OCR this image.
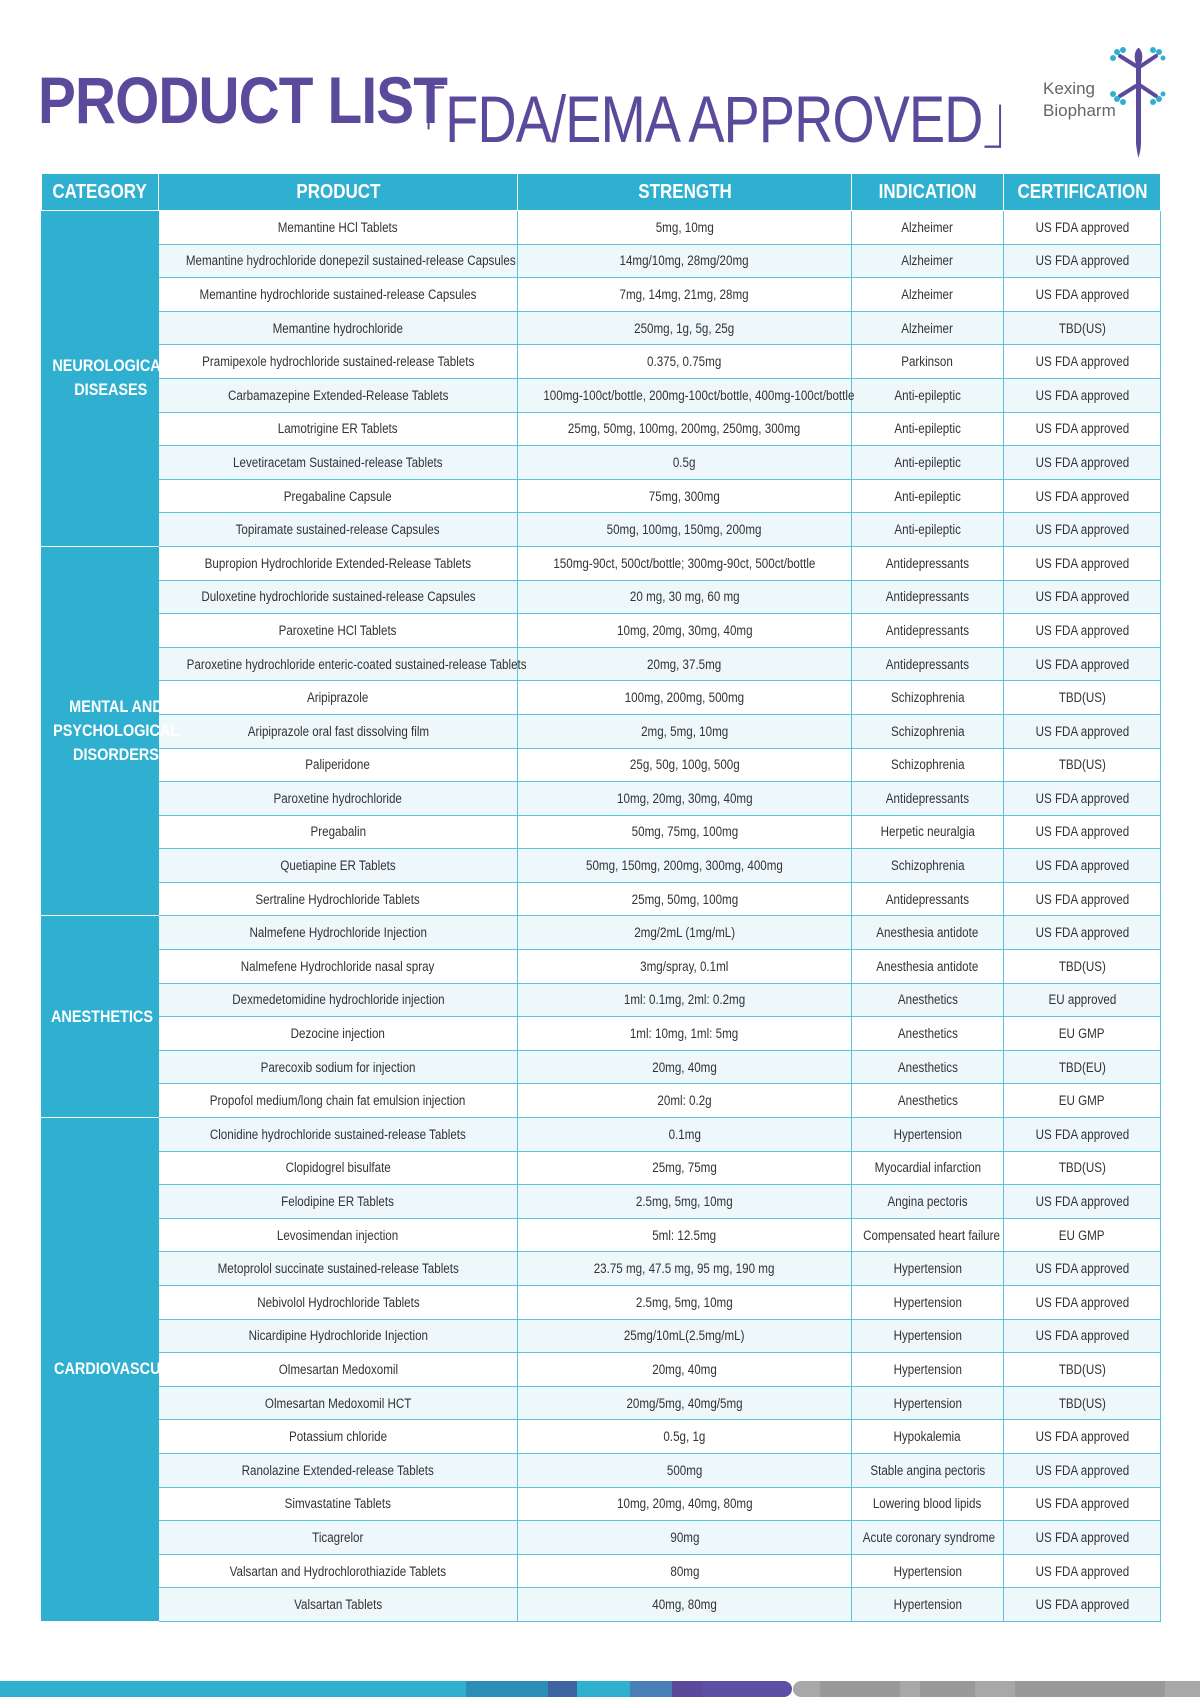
PRODUCT LIST
「FDA/EMA APPROVED」 Kexing
Biopharm
CATEGORY	PRODUCT	STRENGTH	INDICATION	CERTIFICATION
NEUROLOGICAL DISEASES	Memantine HCl Tablets	5mg, 10mg	Alzheimer	US FDA approved
	Memantine hydrochloride donepezil sustained-release Capsules	14mg/10mg, 28mg/20mg	Alzheimer	US FDA approved
	Memantine hydrochloride sustained-release Capsules	7mg, 14mg, 21mg, 28mg	Alzheimer	US FDA approved
	Memantine hydrochloride	250mg, 1g, 5g, 25g	Alzheimer	TBD(US)
	Pramipexole hydrochloride sustained-release Tablets	0.375, 0.75mg	Parkinson	US FDA approved
	Carbamazepine Extended-Release Tablets	100mg-100ct/bottle, 200mg-100ct/bottle, 400mg-100ct/bottle	Anti-epileptic	US FDA approved
	Lamotrigine ER Tablets	25mg, 50mg, 100mg, 200mg, 250mg, 300mg	Anti-epileptic	US FDA approved
	Levetiracetam Sustained-release Tablets	0.5g	Anti-epileptic	US FDA approved
	Pregabaline Capsule	75mg, 300mg	Anti-epileptic	US FDA approved
	Topiramate sustained-release Capsules	50mg, 100mg, 150mg, 200mg	Anti-epileptic	US FDA approved
MENTAL AND PSYCHOLOGICAL DISORDERS	Bupropion Hydrochloride Extended-Release Tablets	150mg-90ct, 500ct/bottle; 300mg-90ct, 500ct/bottle	Antidepressants	US FDA approved
	Duloxetine hydrochloride sustained-release Capsules	20 mg, 30 mg, 60 mg	Antidepressants	US FDA approved
	Paroxetine HCl Tablets	10mg, 20mg, 30mg, 40mg	Antidepressants	US FDA approved
	Paroxetine hydrochloride enteric-coated sustained-release Tablets	20mg, 37.5mg	Antidepressants	US FDA approved
	Aripiprazole	100mg, 200mg, 500mg	Schizophrenia	TBD(US)
	Aripiprazole oral fast dissolving film	2mg, 5mg, 10mg	Schizophrenia	US FDA approved
	Paliperidone	25g, 50g, 100g, 500g	Schizophrenia	TBD(US)
	Paroxetine hydrochloride	10mg, 20mg, 30mg, 40mg	Antidepressants	US FDA approved
	Pregabalin	50mg, 75mg, 100mg	Herpetic neuralgia	US FDA approved
	Quetiapine ER Tablets	50mg, 150mg, 200mg, 300mg, 400mg	Schizophrenia	US FDA approved
	Sertraline Hydrochloride Tablets	25mg, 50mg, 100mg	Antidepressants	US FDA approved
ANESTHETICS	Nalmefene Hydrochloride Injection	2mg/2mL (1mg/mL)	Anesthesia antidote	US FDA approved
	Nalmefene Hydrochloride nasal spray	3mg/spray, 0.1ml	Anesthesia antidote	TBD(US)
	Dexmedetomidine hydrochloride injection	1ml: 0.1mg, 2ml: 0.2mg	Anesthetics	EU approved
	Dezocine injection	1ml: 10mg, 1ml: 5mg	Anesthetics	EU GMP
	Parecoxib sodium for injection	20mg, 40mg	Anesthetics	TBD(EU)
	Propofol medium/long chain fat emulsion injection	20ml: 0.2g	Anesthetics	EU GMP
CARDIOVASCULAR	Clonidine hydrochloride sustained-release Tablets	0.1mg	Hypertension	US FDA approved
	Clopidogrel bisulfate	25mg, 75mg	Myocardial infarction	TBD(US)
	Felodipine ER Tablets	2.5mg, 5mg, 10mg	Angina pectoris	US FDA approved
	Levosimendan injection	5ml: 12.5mg	Compensated heart failure	EU GMP
	Metoprolol succinate sustained-release Tablets	23.75 mg, 47.5 mg, 95 mg, 190 mg	Hypertension	US FDA approved
	Nebivolol Hydrochloride Tablets	2.5mg, 5mg, 10mg	Hypertension	US FDA approved
	Nicardipine Hydrochloride Injection	25mg/10mL(2.5mg/mL)	Hypertension	US FDA approved
	Olmesartan Medoxomil	20mg, 40mg	Hypertension	TBD(US)
	Olmesartan Medoxomil HCT	20mg/5mg, 40mg/5mg	Hypertension	TBD(US)
	Potassium chloride	0.5g, 1g	Hypokalemia	US FDA approved
	Ranolazine Extended-release Tablets	500mg	Stable angina pectoris	US FDA approved
	Simvastatine Tablets	10mg, 20mg, 40mg, 80mg	Lowering blood lipids	US FDA approved
	Ticagrelor	90mg	Acute coronary syndrome	US FDA approved
	Valsartan and Hydrochlorothiazide Tablets	80mg	Hypertension	US FDA approved
	Valsartan Tablets	40mg, 80mg	Hypertension	US FDA approved
